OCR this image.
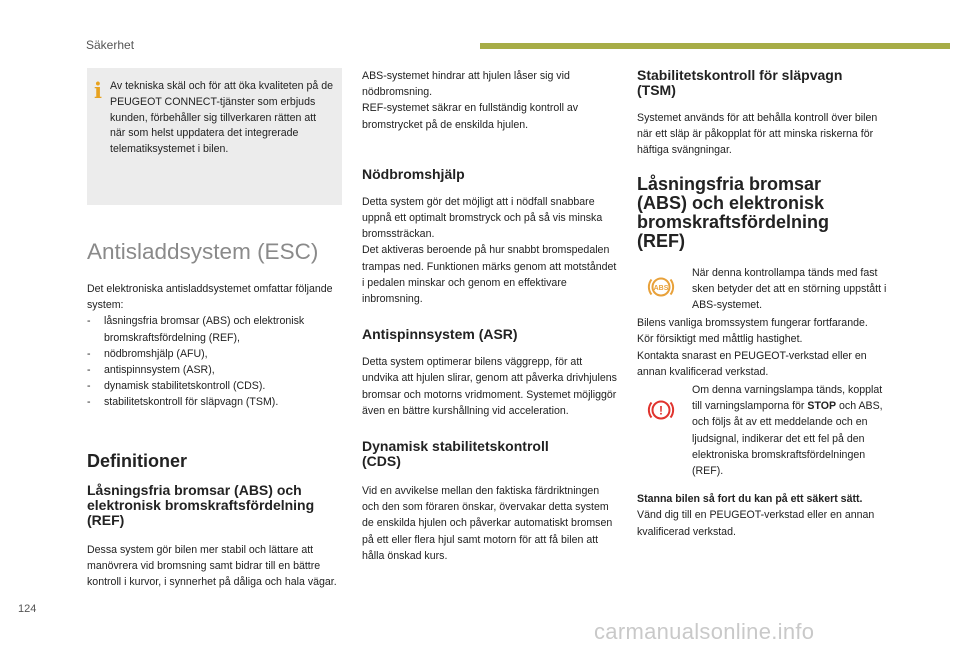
Säkerhet
i Av tekniska skäl och för att öka kvaliteten på de PEUGEOT CONNECT-tjänster som erbjuds kunden, förbehåller sig tillverkaren rätten att när som helst uppdatera det integrerade telematiksystemet i bilen.

Antisladdsystem (ESC)

Det elektroniska antisladdsystemet omfattar följande system:

- låsningsfria bromsar (ABS) och elektronisk bromskraftsfördelning (REF),
- nödbromshjälp (AFU),
- antispinnsystem (ASR),
- dynamisk stabilitetskontroll (CDS).
- stabilitetskontroll för släpvagn (TSM).
Definitioner
Låsningsfria bromsar (ABS) och elektronisk bromskraftsfördelning (REF)

Dessa system gör bilen mer stabil och lättare att manövrera vid bromsning samt bidrar till en bättre kontroll i kurvor, i synnerhet på dåliga och hala vägar.

ABS-systemet hindrar att hjulen låser sig vid nödbromsning.

REF-systemet säkrar en fullständig kontroll av bromstrycket på de enskilda hjulen.

Nödbromshjälp

Detta system gör det möjligt att i nödfall snabbare uppnå ett optimalt bromstryck och på så vis minska bromssträckan.

Det aktiveras beroende på hur snabbt bromspedalen trampas ned. Funktionen märks genom att motståndet i pedalen minskar och genom en effektivare inbromsning.

Antispinnsystem (ASR)

Detta system optimerar bilens väggrepp, för att undvika att hjulen slirar, genom att påverka drivhjulens bromsar och motorns vridmoment. Systemet möjliggör även en bättre kurshållning vid acceleration.

Dynamisk stabilitetskontroll (CDS)

Vid en avvikelse mellan den faktiska färdriktningen och den som föraren önskar, övervakar detta system de enskilda hjulen och påverkar automatiskt bromsen på ett eller flera hjul samt motorn för att få bilen att hålla önskad kurs.

Stabilitetskontroll för släpvagn (TSM)

Systemet används för att behålla kontroll över bilen när ett släp är påkopplat för att minska riskerna för häftiga svängningar.

Låsningsfria bromsar (ABS) och elektronisk bromskraftsfördelning (REF)
ABS

När denna kontrollampa tänds med fast sken betyder det att en störning uppstått i ABS-systemet.

Bilens vanliga bromssystem fungerar fortfarande. Kör försiktigt med måttlig hastighet.

Kontakta snarast en PEUGEOT-verkstad eller en annan kvalificerad verkstad.

!

Om denna varningslampa tänds, kopplat till varningslamporna för STOP och ABS, och följs åt av ett meddelande och en ljudsignal, indikerar det ett fel på den elektroniska bromskraftsfördelningen (REF).

Stanna bilen så fort du kan på ett säkert sätt.

Vänd dig till en PEUGEOT-verkstad eller en annan kvalificerad verkstad.

124
carmanualsonline.info
